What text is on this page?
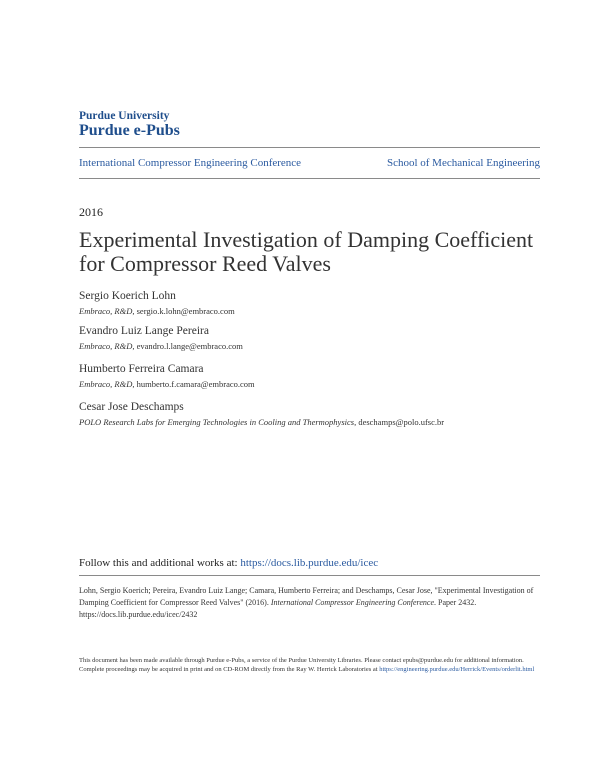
Purdue University
Purdue e-Pubs
International Compressor Engineering Conference	School of Mechanical Engineering
2016
Experimental Investigation of Damping Coefficient for Compressor Reed Valves
Sergio Koerich Lohn
Embraco, R&D, sergio.k.lohn@embraco.com
Evandro Luiz Lange Pereira
Embraco, R&D, evandro.l.lange@embraco.com
Humberto Ferreira Camara
Embraco, R&D, humberto.f.camara@embraco.com
Cesar Jose Deschamps
POLO Research Labs for Emerging Technologies in Cooling and Thermophysics, deschamps@polo.ufsc.br
Follow this and additional works at: https://docs.lib.purdue.edu/icec
Lohn, Sergio Koerich; Pereira, Evandro Luiz Lange; Camara, Humberto Ferreira; and Deschamps, Cesar Jose, "Experimental Investigation of Damping Coefficient for Compressor Reed Valves" (2016). International Compressor Engineering Conference. Paper 2432.
https://docs.lib.purdue.edu/icec/2432
This document has been made available through Purdue e-Pubs, a service of the Purdue University Libraries. Please contact epubs@purdue.edu for additional information.
Complete proceedings may be acquired in print and on CD-ROM directly from the Ray W. Herrick Laboratories at https://engineering.purdue.edu/Herrick/Events/orderlit.html
